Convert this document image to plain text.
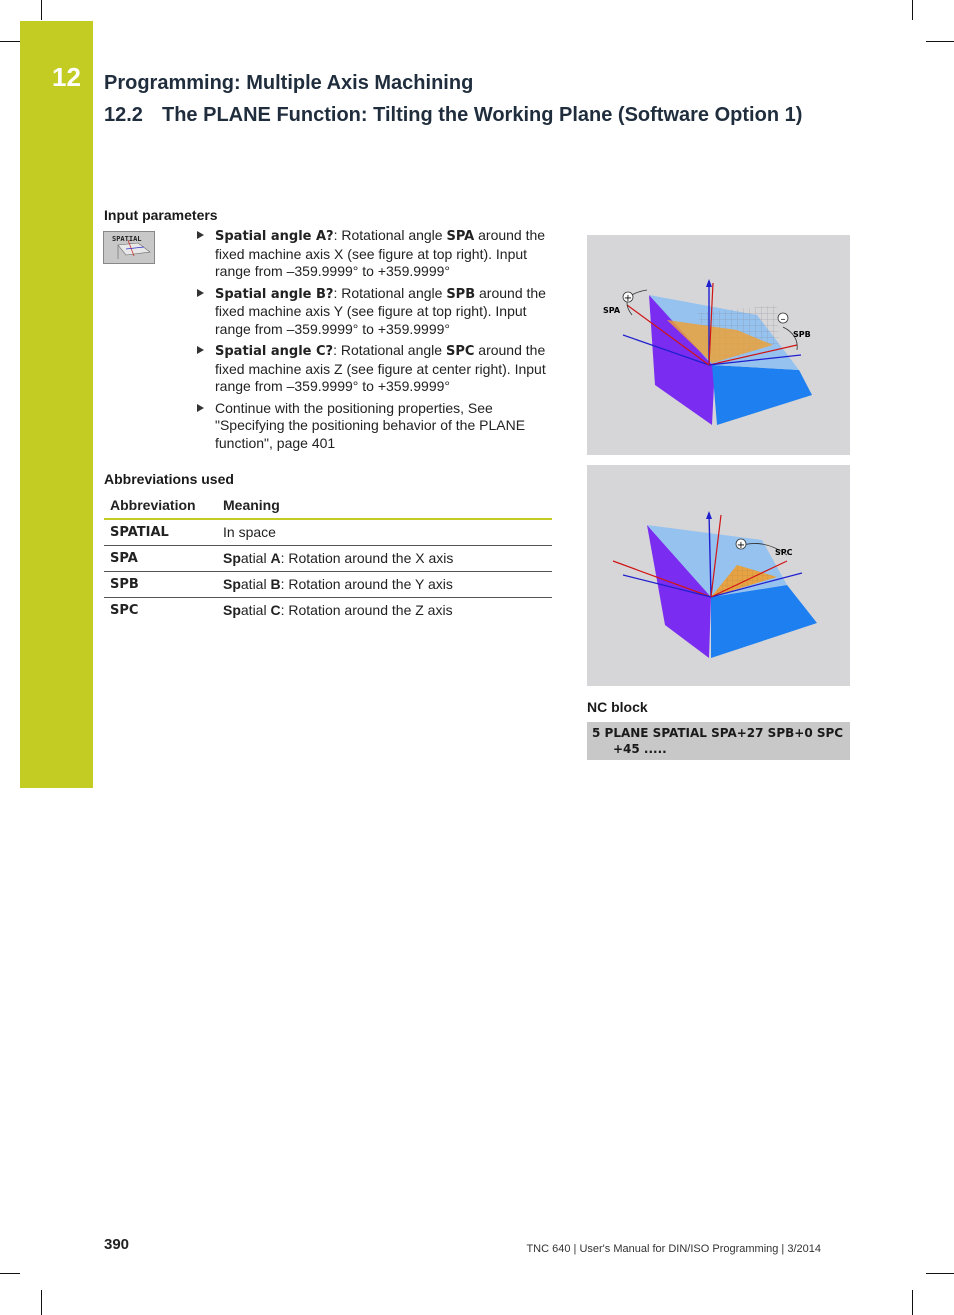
12 Programming: Multiple Axis Machining
12.2 The PLANE Function: Tilting the Working Plane (Software Option 1)
Input parameters
SPATIAL	Spatial angle A?: Rotational angle SPA around the fixed machine axis X (see figure at top right). Input range from –359.9999° to +359.9999°
Spatial angle B?: Rotational angle SPB around the fixed machine axis Y (see figure at top right). Input range from –359.9999° to +359.9999°
Spatial angle C?: Rotational angle SPC around the fixed machine axis Z (see figure at center right). Input range from –359.9999° to +359.9999°
Continue with the positioning properties, See "Specifying the positioning behavior of the PLANE function", page 401
Abbreviations used
Abbreviation	Meaning
SPATIAL	In space
SPA	Spatial A: Rotation around the X axis
SPB	Spatial B: Rotation around the Y axis
SPC	Spatial C: Rotation around the Z axis
+
–
SPA
SPB
+
SPC
NC block
5 PLANE SPATIAL SPA+27 SPB+0 SPC
+45 .....
390	TNC 640 | User's Manual for DIN/ISO Programming | 3/2014
